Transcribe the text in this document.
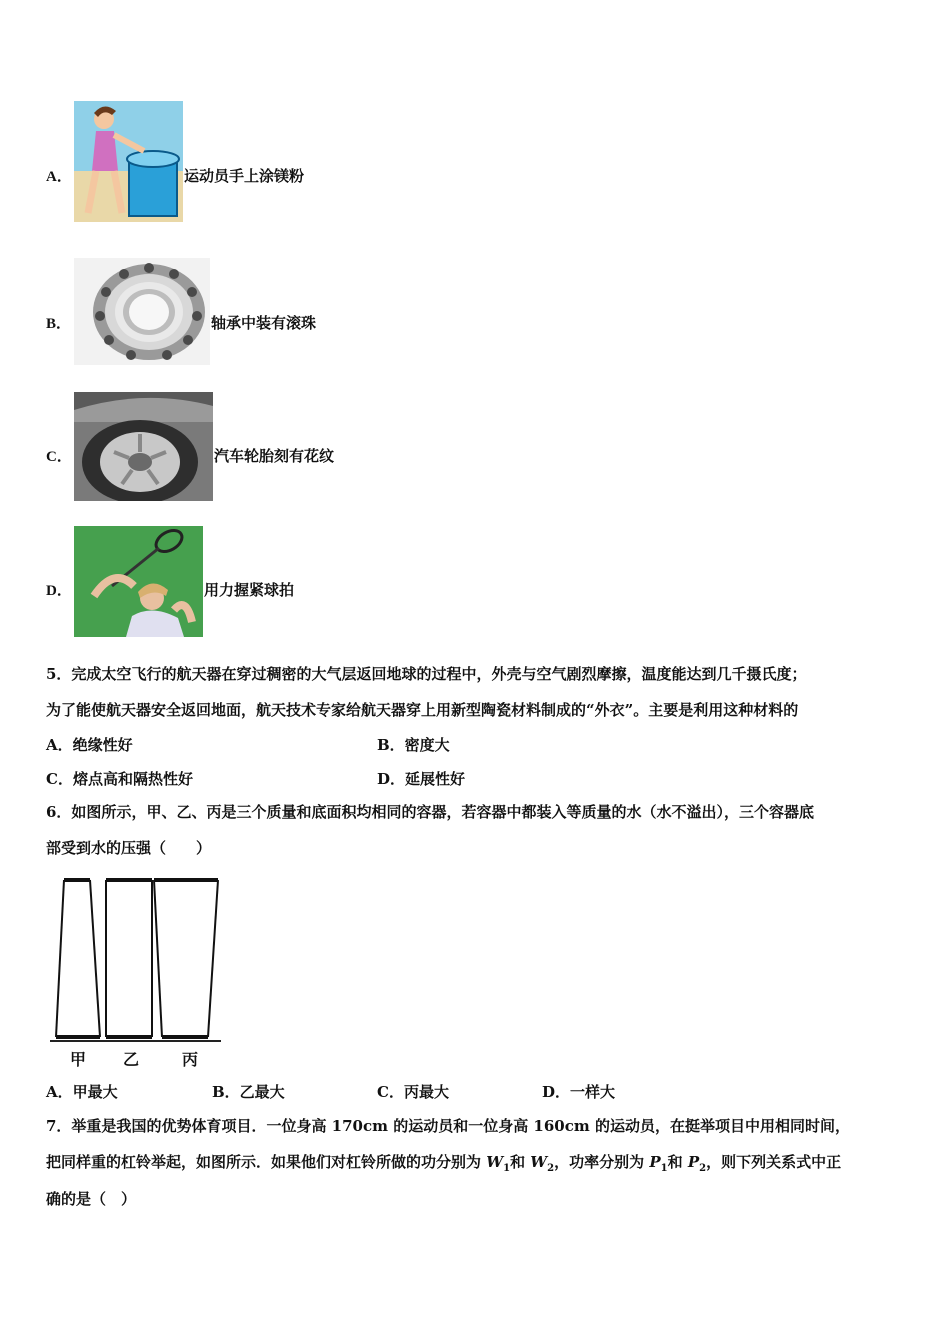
A．	运动员手上涂镁粉
B．	轴承中装有滚珠
C．	汽车轮胎刻有花纹
D．	用力握紧球拍
5．完成太空飞行的航天器在穿过稠密的大气层返回地球的过程中，外壳与空气剧烈摩擦，温度能达到几千摄氏度；
为了能使航天器安全返回地面，航天技术专家给航天器穿上用新型陶瓷材料制成的“外衣”。主要是利用这种材料的
A．绝缘性好	B．密度大
C．熔点高和隔热性好	D．延展性好
6．如图所示，甲、乙、丙是三个质量和底面积均相同的容器，若容器中都装入等质量的水（水不溢出），三个容器底
部受到水的压强（　　）
甲 乙	丙
A．甲最大	B．乙最大	C．丙最大	D．一样大
7．举重是我国的优势体育项目．一位身高 170cm 的运动员和一位身高 160cm 的运动员，在挺举项目中用相同时间，
把同样重的杠铃举起，如图所示．如果他们对杠铃所做的功分别为 $W_1$和 $W_2$，功率分别为 $P_1$和 $P_2$，则下列关系式中正
确的是（　）
